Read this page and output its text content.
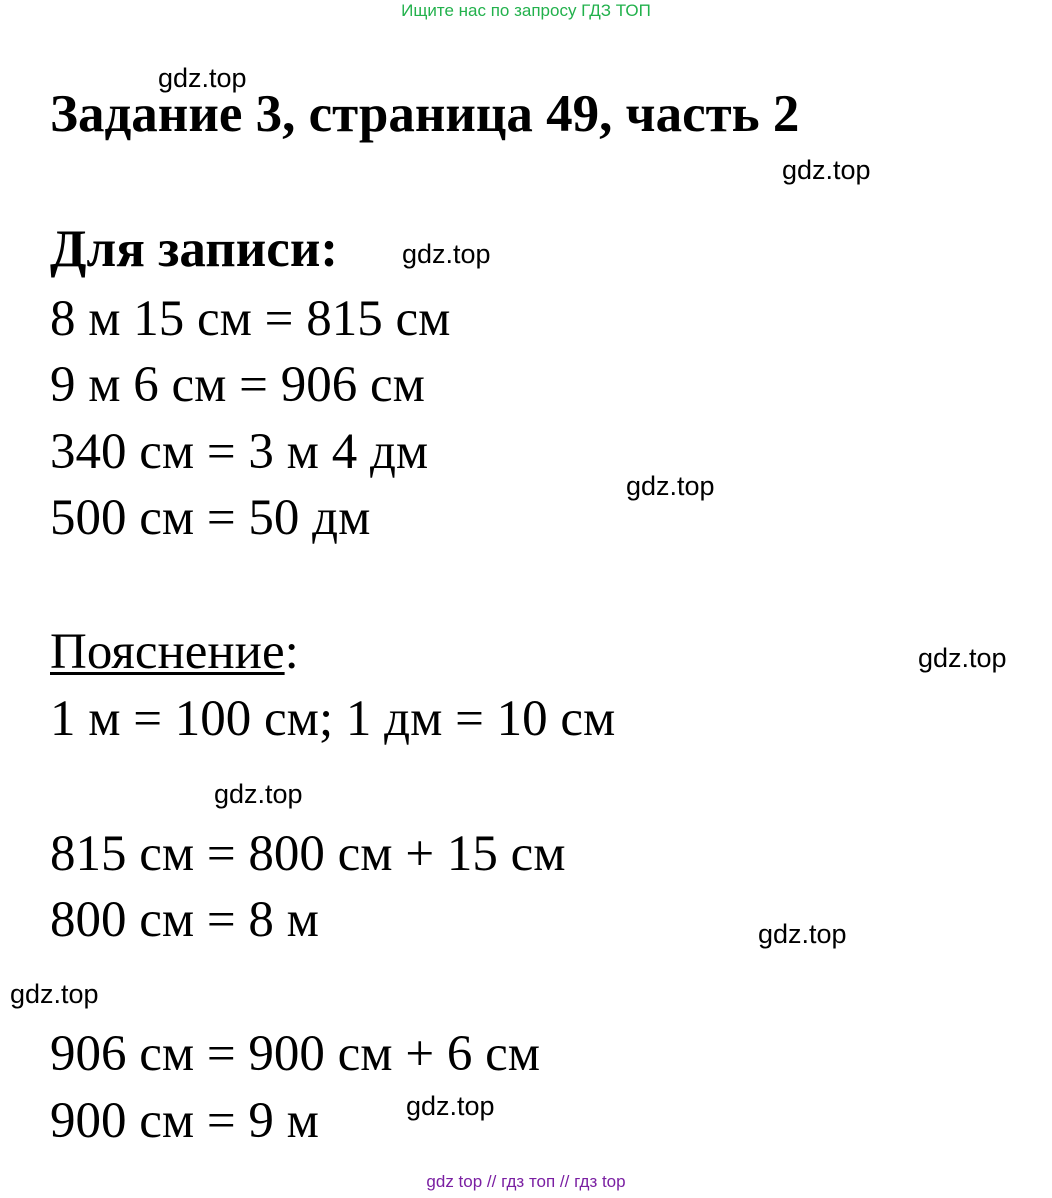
Ищите нас по запросу ГДЗ ТОП
Задание 3, страница 49, часть 2
Для записи:
8 м 15 см = 815 см
9 м 6 см = 906 см
340 см = 3 м 4 дм
500 см = 50 дм
Пояснение:
1 м = 100 см; 1 дм = 10 см
815 см = 800 см + 15 см
800 см = 8 м
906 см = 900 см + 6 см
900 см = 9 м
gdz.top
gdz.top
gdz.top
gdz.top
gdz.top
gdz.top
gdz.top
gdz.top
gdz.top
gdz top // гдз топ // гдз top
